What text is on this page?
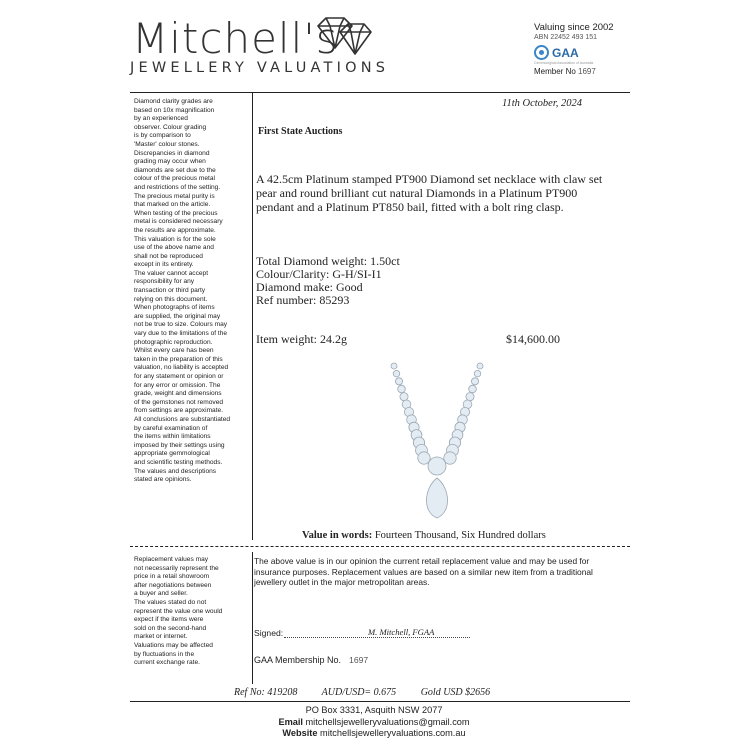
Mitchell's
JEWELLERY VALUATIONS
Valuing since 2002
ABN 22452 493 151
GAA
Gemmological Association of Australia
Member No 1697

Diamond clarity grades are

based on 10x magnification

by an experienced

observer. Colour grading

is by comparison to

'Master' colour stones.

Discrepancies in diamond

grading may occur when

diamonds are set due to the

colour of the precious metal

and restrictions of the setting.

The precious metal purity is

that marked on the article.

When testing of the precious

metal is considered necessary

the results are approximate.

This valuation is for the sole

use of the above name and

shall not be reproduced

except in its entirety.

The valuer cannot accept

responsibility for any

transaction or third party

relying on this document.

When photographs of items

are supplied, the original may

not be true to size. Colours may

vary due to the limitations of the

photographic reproduction.

Whilst every care has been

taken in the preparation of this

valuation, no liability is accepted

for any statement or opinion or

for any error or omission. The

grade, weight and dimensions

of the gemstones not removed

from settings are approximate.

All conclusions are substantiated

by careful examination of

the items within limitations

imposed by their settings using

appropriate gemmological

and scientific testing methods.

The values and descriptions

stated are opinions.

11th October, 2024
First State Auctions
A 42.5cm Platinum stamped PT900 Diamond set necklace with claw set pear and round brilliant cut natural Diamonds in a Platinum PT900 pendant and a Platinum PT850 bail, fitted with a bolt ring clasp.
Total Diamond weight: 1.50ct
Colour/Clarity: G-H/SI-I1
Diamond make: Good
Ref number: 85293
Item weight: 24.2g	$14,600.00
Value in words: Fourteen Thousand, Six Hundred dollars

Replacement values may

not necessarily represent the

price in a retail showroom

after negotiations between

a buyer and seller.

The values stated do not

represent the value one would

expect if the items were

sold on the second-hand

market or internet.

Valuations may be affected

by fluctuations in the

current exchange rate.

The above value is in our opinion the current retail replacement value and may be used for insurance purposes. Replacement values are based on a similar new item from a traditional jewellery outlet in the major metropolitan areas.
Signed:	M. Mitchell, FGAA
GAA Membership No. 1697
Ref No: 419208 AUD/USD= 0.675 Gold USD $2656
PO Box 3331, Asquith NSW 2077
Email mitchellsjewelleryvaluations@gmail.com
Website mitchellsjewelleryvaluations.com.au
